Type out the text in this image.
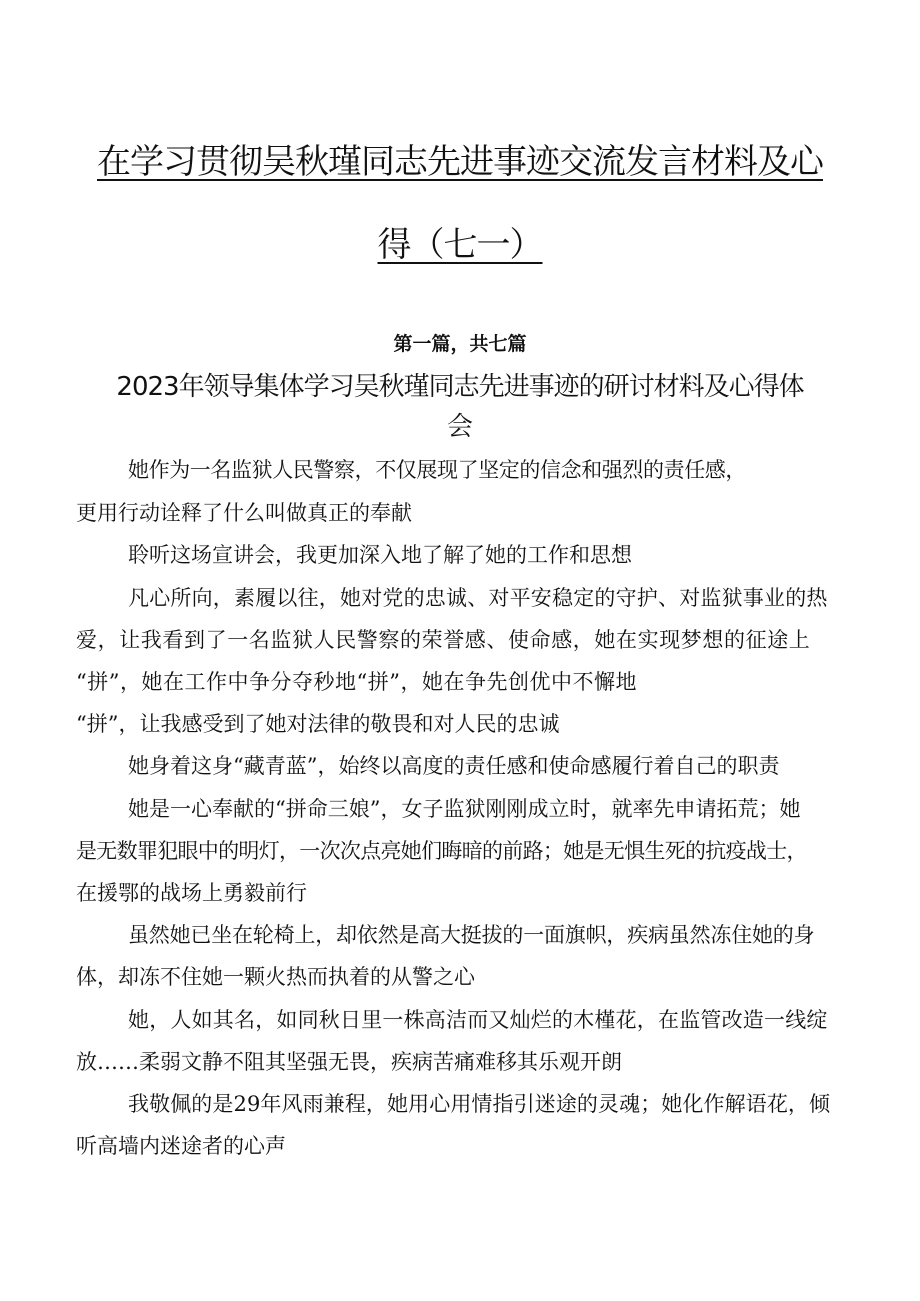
在学习贯彻吴秋瑾同志先进事迹交流发言材料及心
得（七一）
第一篇，共七篇
2023年领导集体学习吴秋瑾同志先进事迹的研讨材料及心得体
会
她作为一名监狱人民警察，不仅展现了坚定的信念和强烈的责任感，
更用行动诠释了什么叫做真正的奉献
聆听这场宣讲会，我更加深入地了解了她的工作和思想
凡心所向，素履以往，她对党的忠诚、对平安稳定的守护、对监狱事业的热
爱，让我看到了一名监狱人民警察的荣誉感、使命感，她在实现梦想的征途上
“拼”，她在工作中争分夺秒地“拼”，她在争先创优中不懈地
“拼”，让我感受到了她对法律的敬畏和对人民的忠诚
她身着这身“藏青蓝”，始终以高度的责任感和使命感履行着自己的职责
她是一心奉献的“拼命三娘”，女子监狱刚刚成立时，就率先申请拓荒；她
是无数罪犯眼中的明灯，一次次点亮她们晦暗的前路；她是无惧生死的抗疫战士，
在援鄂的战场上勇毅前行
虽然她已坐在轮椅上，却依然是高大挺拔的一面旗帜，疾病虽然冻住她的身
体，却冻不住她一颗火热而执着的从警之心
她，人如其名，如同秋日里一株高洁而又灿烂的木槿花，在监管改造一线绽
放……柔弱文静不阻其坚强无畏，疾病苦痛难移其乐观开朗
我敬佩的是29年风雨兼程，她用心用情指引迷途的灵魂；她化作解语花，倾
听高墙内迷途者的心声
